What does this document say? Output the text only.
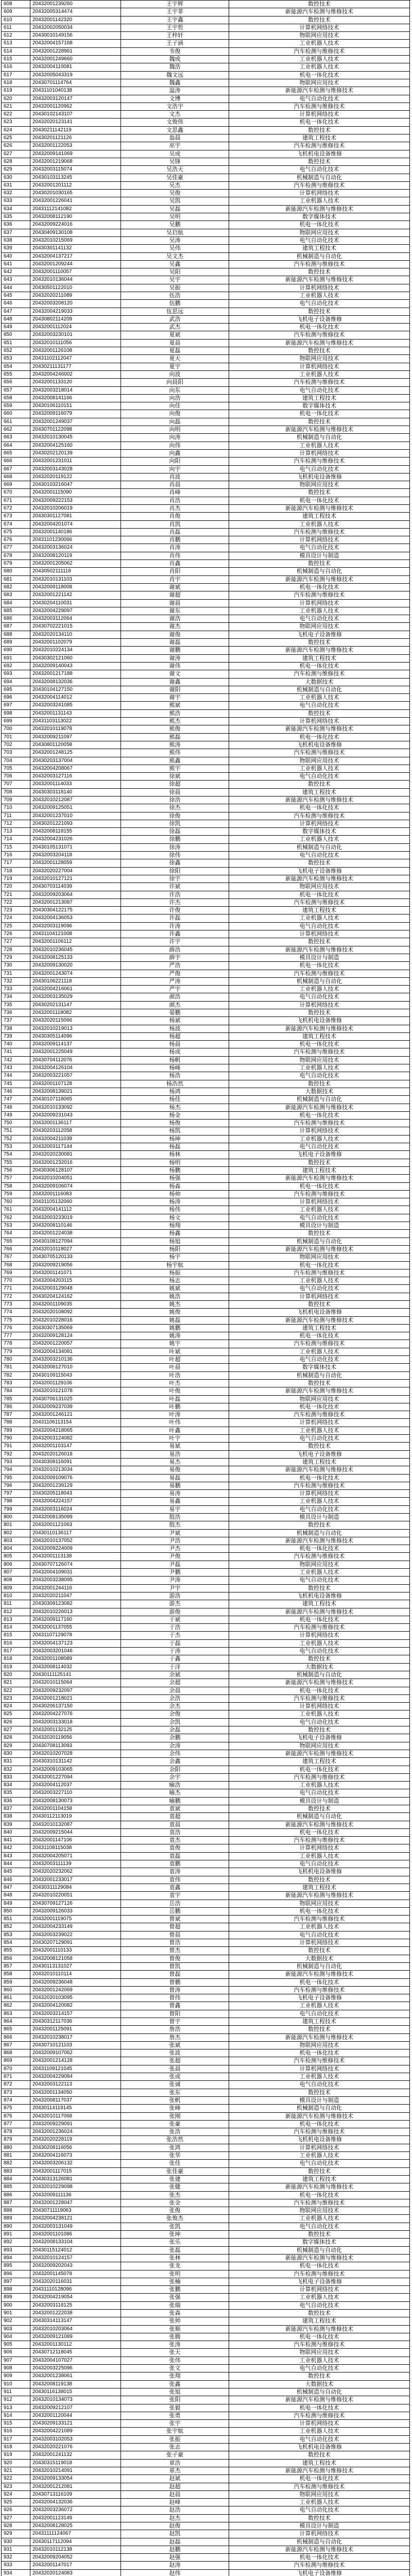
608	20432001239260	王宇辉	数控技术
609	20432005314474	王宇菲	新能源汽车检测与维修技术
610	20432001142320	王宇鑫	数控技术
611	20432002050034	王宇哲	计算机网络技术
612	20430010149156	王梓轩	物联网应用技术
613	20432004157168	王子涵	工业机器人技术
614	20432001228961	韦俊	汽车检测与维修技术
615	20432001249660	魏成	工业机器人技术
616	20432004110081	魏浩	工业机器人技术
617	20432005043319	魏文远	机电一体化技术
618	20430701114764	魏鑫	物联网应用技术
619	20431101040138	温涛	新能源汽车检测与维修技术
620	20432003120147	文博	电气自动化技术
621	20432001120962	文浩宇	汽车检测与维修技术
622	20430102143107	文杰	计算机网络技术
623	20432020123141	文俊伟	机电一体化技术
624	20430211142119	文思鑫	数控技术
625	20430201121126	翁晨	建筑工程技术
626	20432001122053	巫宇	汽车检测与维修技术
627	20432009141069	吴成	飞机机电设备维修
628	20432001219068	吴锋	数控技术
629	20432003115074	吴浩天	电气自动化技术
630	20430103113245	吴佳豪	机械制造与自动化
631	20432001201112	吴杰	汽车检测与维修技术
632	20430201030165	吴俊	计算机网络技术
633	20432001226041	吴凯	工业机器人技术
634	20431112141082	吴磊	新能源汽车检测与维修技术
635	20432008112190	吴明	数字媒体技术
636	20432009224016	吴鹏	机电一体化技术
637	20430409130108	吴启航	物联网应用技术
638	20432010215069	吴涛	电气自动化技术
639	20430301141132	吴伟	建筑工程技术
640	20432004137217	吴文杰	机械制造与自动化
641	20432001209244	吴鑫	汽车检测与维修技术
642	20432001110057	吴阳	数控技术
643	20432010136044	吴宇	新能源汽车检测与维修技术
644	20430501122010	吴振	计算机网络技术
645	20432020211089	伍浩	工业机器人技术
646	20432003208120	伍鹏	电气自动化技术
647	20432004219033	伍思远	数控技术
648	20430802114209	武浩	飞机电子设备维修
649	20432001112024	武杰	机电一体化技术
650	20432003230101	夏斌	汽车检测与维修技术
651	20432010111056	夏晨	新能源汽车检测与维修技术
652	20432001126108	夏磊	数控技术
653	20431102112047	夏天	物联网应用技术
654	20430211131177	夏宇	计算机网络技术
655	20432004246002	向波	工业机器人技术
656	20432001133120	向晨阳	汽车检测与维修技术
657	20432003218014	向东	电气自动化技术
658	20432008141166	向浩	建筑工程技术
659	20430106110151	向佳	数字媒体技术
660	20432009116079	向俊	机电一体化技术
661	20432001249037	向磊	数控技术
662	20430701122098	向明	新能源汽车检测与维修技术
663	20432010130045	向涛	机械制造与自动化
664	20432004125160	向伟	工业机器人技术
665	20430202120139	向鑫	计算机网络技术
666	20432001231011	向阳	汽车检测与维修技术
667	20432003143028	向宇	电气自动化技术
668	20432020119122	肖波	飞机机电设备维修
669	20430103216047	肖晨	物联网应用技术
670	20432001115090	肖峰	数控技术
671	20432009222153	肖浩	机电一体化技术
672	20432010206019	肖杰	新能源汽车检测与维修技术
673	20430301127081	肖俊	建筑工程技术
674	20432004201074	肖凯	工业机器人技术
675	20432001140186	肖磊	汽车检测与维修技术
676	20431101230066	肖鹏	计算机网络技术
677	20432003136024	肖涛	电气自动化技术
678	20432008120119	肖伟	模具设计与制造
679	20432001205062	肖鑫	数控技术
680	20430502111118	肖阳	机械制造与自动化
681	20432010131103	肖宇	新能源汽车检测与维修技术
682	20432009118008	谢斌	机电一体化技术
683	20432001221142	谢超	汽车检测与维修技术
684	20430204110031	谢晨	计算机网络技术
685	20432004229097	谢东	工业机器人技术
686	20432003112064	谢浩	电气自动化技术
687	20430702221015	谢杰	物联网应用技术
688	20432020134110	谢俊	飞机电子设备维修
689	20432001102079	谢磊	数控技术
690	20432010224134	谢鹏	新能源汽车检测与维修技术
691	20430302121060	谢涛	建筑工程技术
692	20432009140043	谢伟	机电一体化技术
693	20432001217188	谢文	汽车检测与维修技术
694	20432008132036	谢鑫	大数据技术
695	20430104127150	谢阳	机械制造与自动化
696	20432004114012	谢宇	工业机器人技术
697	20432003241085	熊斌	电气自动化技术
698	20432001131143	熊浩	数控技术
699	20431103113022	熊杰	计算机网络技术
700	20432010119078	熊俊	新能源汽车检测与维修技术
701	20432009211097	熊磊	机电一体化技术
702	20430801120058	熊涛	飞机机电设备维修
703	20432001248125	熊伟	汽车检测与维修技术
704	20430203137004	熊鑫	物联网应用技术
705	20432004208067	熊宇	工业机器人技术
706	20432003127116	徐斌	电气自动化技术
707	20432001114033	徐超	数控技术
708	20430303118140	徐晨	建筑工程技术
709	20432010212087	徐浩	新能源汽车检测与维修技术
710	20432009125051	徐杰	机电一体化技术
711	20432001237010	徐俊	汽车检测与维修技术
712	20430201221093	徐凯	计算机网络技术
713	20432008118155	徐磊	数字媒体技术
714	20432004231026	徐鹏	工业机器人技术
715	20430105131071	徐涛	机械制造与自动化
716	20432003204118	徐伟	电气自动化技术
717	20432001128059	徐鑫	数控技术
718	20432020227004	徐阳	飞机电子设备维修
719	20432010127121	徐宇	新能源汽车检测与维修技术
720	20430703114039	许斌	物联网应用技术
721	20432009203064	许浩	机电一体化技术
722	20432001213087	许杰	汽车检测与维修技术
723	20430304122175	许俊	建筑工程技术
724	20432004136053	许磊	工业机器人技术
725	20432003119096	许涛	电气自动化技术
726	20431104121008	许鑫	计算机网络技术
727	20432001106112	许宇	数控技术
728	20432010236045	薛浩	新能源汽车检测与维修技术
729	20432008125133	薛宇	模具设计与制造
730	20432009130020	严浩	机电一体化技术
731	20432001243074	严俊	汽车检测与维修技术
732	20430106221118	严涛	机械制造与自动化
733	20432004216061	严宇	工业机器人技术
734	20432003135029	颜浩	电气自动化技术
735	20430202131147	颜杰	计算机网络技术
736	20432001118082	晏鹏	数控技术
737	20432020115066	杨斌	飞机机电设备维修
738	20432010219013	杨波	新能源汽车检测与维修技术
739	20430305114096	杨超	建筑工程技术
740	20432009114137	杨晨	机电一体化技术
741	20432001225049	杨成	汽车检测与维修技术
742	20430704112076	杨帆	物联网应用技术
743	20432004126104	杨峰	工业机器人技术
744	20432003221057	杨浩	电气自动化技术
745	20432001107128	杨浩然	数控技术
746	20432008139021	杨鸿	大数据技术
747	20430107118065	杨佳	机械制造与自动化
748	20432010133092	杨杰	新能源汽车检测与维修技术
749	20432009231043	杨金	机电一体化技术
750	20432001136117	杨俊	汽车检测与维修技术
751	20430203112058	杨凯	计算机网络技术
752	20432004211039	杨坤	工业机器人技术
753	20432003117144	杨磊	电气自动化技术
754	20432020230081	杨林	飞机电子设备维修
755	20432001232016	杨明	数控技术
756	20430306128107	杨鹏	建筑工程技术
757	20432010204051	杨强	新能源汽车检测与维修技术
758	20432009106074	杨森	机电一体化技术
759	20432001116083	杨帅	汽车检测与维修技术
760	20431105132060	杨涛	计算机网络技术
761	20432004141112	杨伟	工业机器人技术
762	20432003233019	杨文	电气自动化技术
763	20432008110146	杨翔	模具设计与制造
764	20432001224038	杨鑫	数控技术
765	20430108127094	杨旭	机械制造与自动化
766	20432010118027	杨阳	新能源汽车检测与维修技术
767	20430705120133	杨宇	物联网应用技术
768	20432009219056	杨宇航	机电一体化技术
769	20432001141071	杨振	汽车检测与维修技术
770	20432004203115	杨志	工业机器人技术
771	20432003129048	姚斌	电气自动化技术
772	20430204124162	姚浩	计算机网络技术
773	20432001109035	姚杰	数控技术
774	20432020108092	姚俊	飞机机电设备维修
775	20432010228016	姚磊	新能源汽车检测与维修技术
776	20430307135069	姚鹏	建筑工程技术
777	20432009128124	姚涛	机电一体化技术
778	20432001220057	姚宇	汽车检测与维修技术
779	20432004134081	叶斌	工业机器人技术
780	20432003210136	叶超	电气自动化技术
781	20432008127010	叶晨	数字媒体技术
782	20430109115043	叶浩	机械制造与自动化
783	20432001129106	叶杰	数控技术
784	20432010121078	叶俊	新能源汽车检测与维修技术
785	20430706131025	叶磊	物联网应用技术
786	20432009237039	叶鹏	机电一体化技术
787	20432001246121	叶涛	汽车检测与维修技术
788	20431106113154	叶伟	计算机网络技术
789	20432004218065	叶鑫	工业机器人技术
790	20432003124082	叶宇	电气自动化技术
791	20432001103147	易斌	数控技术
792	20432020126018	易浩	飞机电子设备维修
793	20430308116091	易杰	建筑工程技术
794	20432010213034	易俊	新能源汽车检测与维修技术
795	20432009109076	易磊	机电一体化技术
796	20432001239129	易鹏	汽车检测与维修技术
797	20430205118043	易涛	计算机网络技术
798	20432004224157	易鑫	工业机器人技术
799	20432003116024	易宇	电气自动化技术
800	20432008135099	殷浩	模具设计与制造
801	20432001121063	殷杰	数控技术
802	20430110136117	尹斌	机械制造与自动化
803	20432010137052	尹浩	新能源汽车检测与维修技术
804	20432009224009	尹杰	机电一体化技术
805	20432001113138	尹俊	汽车检测与维修技术
806	20430707126074	尹磊	物联网应用技术
807	20432004109031	尹鹏	工业机器人技术
808	20432003238095	尹涛	电气自动化技术
809	20432001244116	尹宇	数控技术
810	20432020211047	游浩	飞机机电设备维修
811	20430309123082	游杰	建筑工程技术
812	20432010226013	游俊	新能源汽车检测与维修技术
813	20432009117160	于斌	机电一体化技术
814	20432001137055	于浩	汽车检测与维修技术
815	20431107129078	于杰	计算机网络技术
816	20432004137123	于磊	工业机器人技术
817	20432003201046	于涛	电气自动化技术
818	20432001108089	于鑫	数控技术
819	20432008114032	于洋	大数据技术
820	20430111125141	余斌	机械制造与自动化
821	20432010115064	余超	新能源汽车检测与维修技术
822	20432009232097	余晨	机电一体化技术
823	20432001218021	余浩	汽车检测与维修技术
824	20430206137150	余杰	计算机网络技术
825	20432004227076	余俊	工业机器人技术
826	20432003133018	余凯	电气自动化技术
827	20432001132125	余磊	数控技术
828	20432020119056	余鹏	飞机电子设备维修
829	20430708113093	余涛	物联网应用技术
830	20432010207028	余伟	新能源汽车检测与维修技术
831	20430310131142	余鑫	建筑工程技术
832	20432009103065	余阳	机电一体化技术
833	20432001227094	余宇	汽车检测与维修技术
834	20432004112037	喻浩	工业机器人技术
835	20432003227110	喻杰	电气自动化技术
836	20432008130073	喻鹏	模具设计与制造
837	20432001104158	袁斌	数控技术
838	20430112113019	袁超	机械制造与自动化
839	20432010132087	袁晨	新能源汽车检测与维修技术
840	20432009215044	袁浩	机电一体化技术
841	20432001147106	袁杰	汽车检测与维修技术
842	20431108115038	袁俊	计算机网络技术
843	20432004205071	袁磊	工业机器人技术
844	20432003111139	袁鹏	电气自动化技术
845	20432020232062	袁涛	飞机机电设备维修
846	20432001233017	袁伟	数控技术
847	20430311129084	袁鑫	建筑工程技术
848	20432010220051	袁宇	新能源汽车检测与维修技术
849	20430709127126	岳浩	物联网应用技术
850	20432009126033	岳鹏	机电一体化技术
851	20432001119075	曾斌	汽车检测与维修技术
852	20432004233149	曾超	工业机器人技术
853	20432003239022	曾晨	电气自动化技术
854	20430207129091	曾浩	计算机网络技术
855	20432001110133	曾杰	数控技术
856	20432008121058	曾俊	大数据技术
857	20430113131027	曾凯	机械制造与自动化
858	20432010110114	曾磊	新能源汽车检测与维修技术
859	20432009236048	曾鹏	机电一体化技术
860	20432001242069	曾涛	汽车检测与维修技术
861	20432020103095	曾伟	飞机电子设备维修
862	20432004120082	曾鑫	工业机器人技术
863	20432003214157	曾阳	电气自动化技术
864	20430312117036	曾宇	建筑工程技术
865	20432001125091	詹浩	数控技术
866	20432010238017	詹杰	新能源汽车检测与维修技术
867	20430710121103	张斌	物联网应用技术
868	20432009107062	张波	机电一体化技术
869	20432001214128	张超	汽车检测与维修技术
870	20431109121045	张晨	计算机网络技术
871	20432004229084	张成	工业机器人技术
872	20432003122113	张诚	电气自动化技术
873	20432001134050	张东	数控技术
874	20432008117037	张帆	模具设计与制造
875	20430114119145	张峰	机械制造与自动化
876	20432010117068	张刚	新能源汽车检测与维修技术
877	20432009229091	张豪	机电一体化技术
878	20432001236024	张浩	汽车检测与维修技术
879	20432020228119	张浩然	飞机机电设备维修
880	20430208116056	张鸿	计算机网络技术
881	20432004116073	张华	工业机器人技术
882	20432003206132	张佳	电气自动化技术
883	20432001117015	张佳豪	数控技术
884	20430313126081	张建	建筑工程技术
885	20432010229098	张健	新能源汽车检测与维修技术
886	20432009111136	张杰	机电一体化技术
887	20432001228047	张金	汽车检测与维修技术
888	20430711119063	张俊	物联网应用技术
889	20432004238121	张俊杰	工业机器人技术
890	20432003131049	张凯	电气自动化技术
891	20432001101086	张坤	数控技术
892	20432008133104	张乐	数字媒体技术
893	20430115124012	张磊	机械制造与自动化
894	20432010124157	张林	新能源汽车检测与维修技术
895	20432009202043	张龙	机电一体化技术
896	20432001145078	张明	汽车检测与维修技术
897	20432020116031	张楠	飞机电子设备维修
898	20431110128096	张鹏	计算机网络技术
899	20432004219054	张强	工业机器人技术
900	20432003118125	张瑞	电气自动化技术
901	20432001222038	张森	数控技术
902	20430314113147	张帅	建筑工程技术
903	20432010203064	张顺	新能源汽车检测与维修技术
904	20432009121089	张腾	机电一体化技术
905	20432001130112	张涛	汽车检测与维修技术
906	20430712118045	张天	物联网应用技术
907	20432004107027	张伟	工业机器人技术
908	20432003225096	张文	电气自动化技术
909	20432001238061	张翔	数控技术
910	20432008119138	张鑫	大数据技术
911	20430116138015	张旭	机械制造与自动化
912	20432010134073	张阳	新能源汽车检测与维修技术
913	20432009212107	张毅	机电一体化技术
914	20432001120044	张勇	汽车检测与维修技术
915	20430209133121	张宇	计算机网络技术
916	20432004221089	张宇航	工业机器人技术
917	20432003102053	张振	电气自动化技术
918	20432020221076	张志	飞机机电设备维修
919	20432001241132	张子豪	数控技术
920	20430315119018	章浩	建筑工程技术
921	20432010214091	章杰	新能源汽车检测与维修技术
922	20432009133054	赵斌	机电一体化技术
923	20432001212081	赵超	汽车检测与维修技术
924	20430713116109	赵晨	物联网应用技术
925	20432004132036	赵峰	工业机器人技术
926	20432003236072	赵浩	电气自动化技术
927	20432001123149	赵杰	数控技术
928	20432008128025	赵俊	模具设计与制造
929	20431111124067	赵凯	计算机网络技术
930	20430117112094	赵磊	机械制造与自动化
931	20432010112138	赵鹏	新能源汽车检测与维修技术
932	20432009204052	赵强	机电一体化技术
933	20432001147017	赵涛	汽车检测与维修技术
934	20432020124083	赵伟	飞机电子设备维修
